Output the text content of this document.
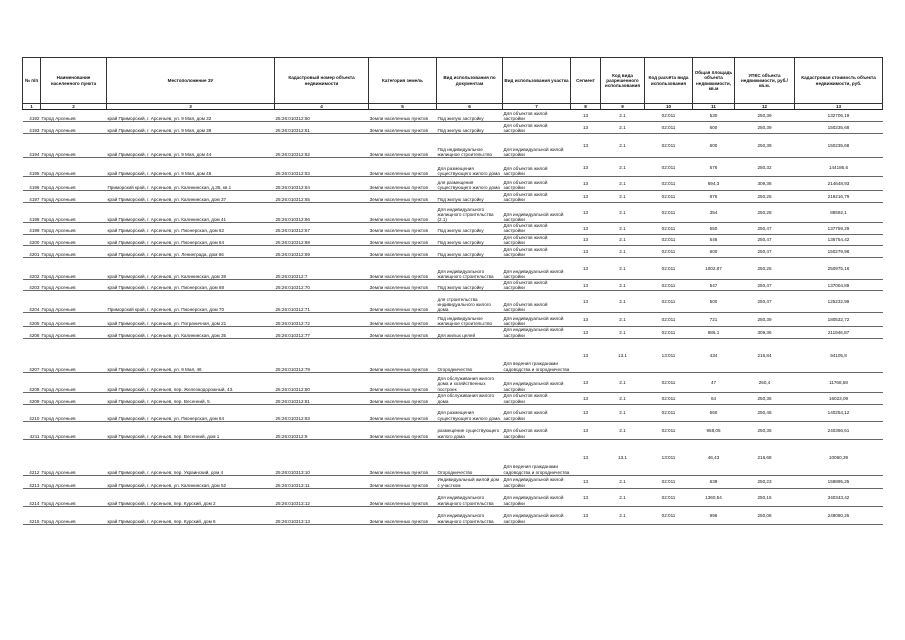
№ п/п	Наименование населенного пункта	Местоположение ЗУ	Кадастровый номер объекта недвижимости	Категория земель	Вид использования по документам	Вид использования участка	Сегмент	Код вида разрешенного использования	Код расчёта вида использования	Общая площадь объекта недвижимости, кв.м	УПКС объекта недвижимости, руб./кв.м.	Кадастровая стоимость объекта недвижимости, руб.
1	2	3	4	5	6	7	8	9	10	11	12	13
4192	Город Арсеньев	край Приморский, г. Арсеньев, ул. 9 Мая, дом 32	25:26:010312:60	Земли населенных пунктов	Под жилую застройку	Для объектов жилой застройки	13	2.1	02:011	530	250,39	132706,19
4193	Город Арсеньев	край Приморский, г. Арсеньев, ул. 9 Мая, дом 38	25:26:010312:61	Земли населенных пунктов	Под жилую застройку	Для объектов жилой застройки	13	2.1	02:011	600	250,39	150235,68
4194	Город Арсеньев	край Приморский, г. Арсеньев, ул. 9 Мая, дом 44	25:26:010312:62	Земли населенных пунктов	Под индивидуальное жилищное строительство	Для индивидуальной жилой застройки	13	2.1	02:011	600	250,39	150235,68
4195	Город Арсеньев	край Приморский, г. Арсеньев, ул. 9 Мая, дом 46	25:26:010312:63	Земли населенных пунктов	Для размещения существующего жилого дома	Для объектов жилой застройки	13	2.1	02:011	576	250,32	144186,6
4196	Город Арсеньев	Приморский край, г. Арсеньев, ул. Калининская, д.35, кв.1	25:26:010312:64	Земли населенных пунктов	для размещения существующего жилого дома	Для объектов жилой застройки	13	2.1	02:011	694,3	309,36	214648,93
4197	Город Арсеньев	край Приморский, г. Арсеньев, ул. Калининская, дом 37	25:26:010312:65	Земли населенных пунктов	Под жилую застройку	Для объектов жилой застройки	13	2.1	02:011	876	250,25	219216,79
4198	Город Арсеньев	край Приморский, г. Арсеньев, ул. Калининская, дом 41	25:26:010312:66	Земли населенных пунктов	Для индивидуального жилищного строительства (2.1)	Для индивидуальной жилой застройки	13	2.1	02:011	354	250,28	88592,1
4199	Город Арсеньев	край Приморский, г. Арсеньев, ул. Пионерская, дом 62	25:26:010312:67	Земли населенных пунктов	Под жилую застройку	Для объектов жилой застройки	13	2.1	02:011	550	250,47	137759,29
4200	Город Арсеньев	край Приморский, г. Арсеньев, ул. Пионерская, дом 64	25:26:010312:68	Земли населенных пунктов	Под жилую застройку	Для объектов жилой застройки	13	2.1	02:011	546	250,47	136754,42
4201	Город Арсеньев	край Приморский, г. Арсеньев, ул. Ленинграда, дом 66	25:26:010312:69	Земли населенных пунктов	Под жилую застройку	Для объектов жилой застройки	13	2.1	02:011	600	250,47	150279,98
4202	Город Арсеньев	край Приморский, г. Арсеньев, ул. Калининская, дом 39	25:26:010312:7	Земли населенных пунктов	Для индивидуального жилищного строительства	Для индивидуальной жилой застройки	13	2.1	02:011	1002,87	250,25	250975,16
4203	Город Арсеньев	край Приморский, г. Арсеньев, ул. Пионерская, дом 68	25:26:010312:70	Земли населенных пунктов	Под жилую застройку	Для объектов жилой застройки	13	2.1	02:011	547	250,47	137004,89
4204	Город Арсеньев	Приморский край, г. Арсеньев, ул. Пионерская, дом 70	25:26:010312:71	Земли населенных пунктов	для строительства индивидуального жилого дома	Для объектов жилой застройки	13	2.1	02:011	500	250,47	125232,99
4205	Город Арсеньев	край Приморский, г. Арсеньев, ул. Пограничная, дом 21	25:26:010312:72	Земли населенных пунктов	Под индивидуальное жилищное строительство	Для индивидуальной жилой застройки	13	2.1	02:011	721	250,39	180532,72
4206	Город Арсеньев	край Приморский, г. Арсеньев, ул. Калининская, дом 35	25:26:010312:77	Земли населенных пунктов	Для жилых целей	Для индивидуальной жилой застройки	13	2.1	02:011	686,1	309,36	211946,87
4207	Город Арсеньев	край Приморский, г. Арсеньев, ул. 9 Мая, 46	25:26:010312:79	Земли населенных пунктов	Огородничество	Для ведения гражданами садоводства и огородничества	13	13.1	13:011	434	216,84	94105,8
4208	Город Арсеньев	край Приморский, г. Арсеньев, пер. Железнодорожный, 43.	25:26:010312:80	Земли населенных пунктов	Для обслуживания жилого дома и хозяйственных построек	Для индивидуальной жилой застройки	13	2.1	02:011	47	250,4	11768,58
4209	Город Арсеньев	край Приморский, г. Арсеньев, пер. Весенний, 5	25:26:010312:81	Земли населенных пунктов	Для обслуживания жилого дома	Для объектов жилой застройки	13	2.1	02:011	64	250,36	16023,09
4210	Город Арсеньев	край Приморский, г. Арсеньев, ул. Пионерская, дом 64	25:26:010312:83	Земли населенных пунктов	Для размещения существующего жилого дома.	Для объектов жилой застройки	13	2.1	02:011	560	250,45	140254,12
4211	Город Арсеньев	край Приморский, г. Арсеньев, пер. Весенний, дом 1	25:26:010312:9	Земли населенных пунктов	размещение существующего жилого дома	Для объектов жилой застройки	13	2.1	02:011	958,05	250,35	240366,61
4212	Город Арсеньев	край Приморский, г. Арсеньев, пер. Украинский, дом 4	25:26:010313:10	Земли населенных пунктов	Огородничество	Для ведения гражданами садоводства и огородничества	13	13.1	13:011	46,43	216,68	10060,39
4213	Город Арсеньев	край Приморский, г. Арсеньев, ул. Калининская, дом 52	25:26:010313:11	Земли населенных пунктов	Индивидуальный жилой дом с участком	Для индивидуальной жилой застройки	13	2.1	02:011	639	250,23	159895,25
4214	Город Арсеньев	край Приморский, г. Арсеньев, пер. Курский, дом 2	25:26:010313:12	Земли населенных пунктов	Для индивидуального жилищного строительства	Для индивидуальной жилой застройки	13	2.1	02:011	1360,54	250,15	340343,42
4215	Город Арсеньев	край Приморский, г. Арсеньев, пер. Курский, дом 6	25:26:010313:13	Земли населенных пунктов	Для индивидуального жилищного строительства	Для индивидуальной жилой застройки	13	2.1	02:011	996	250,08	249080,25
